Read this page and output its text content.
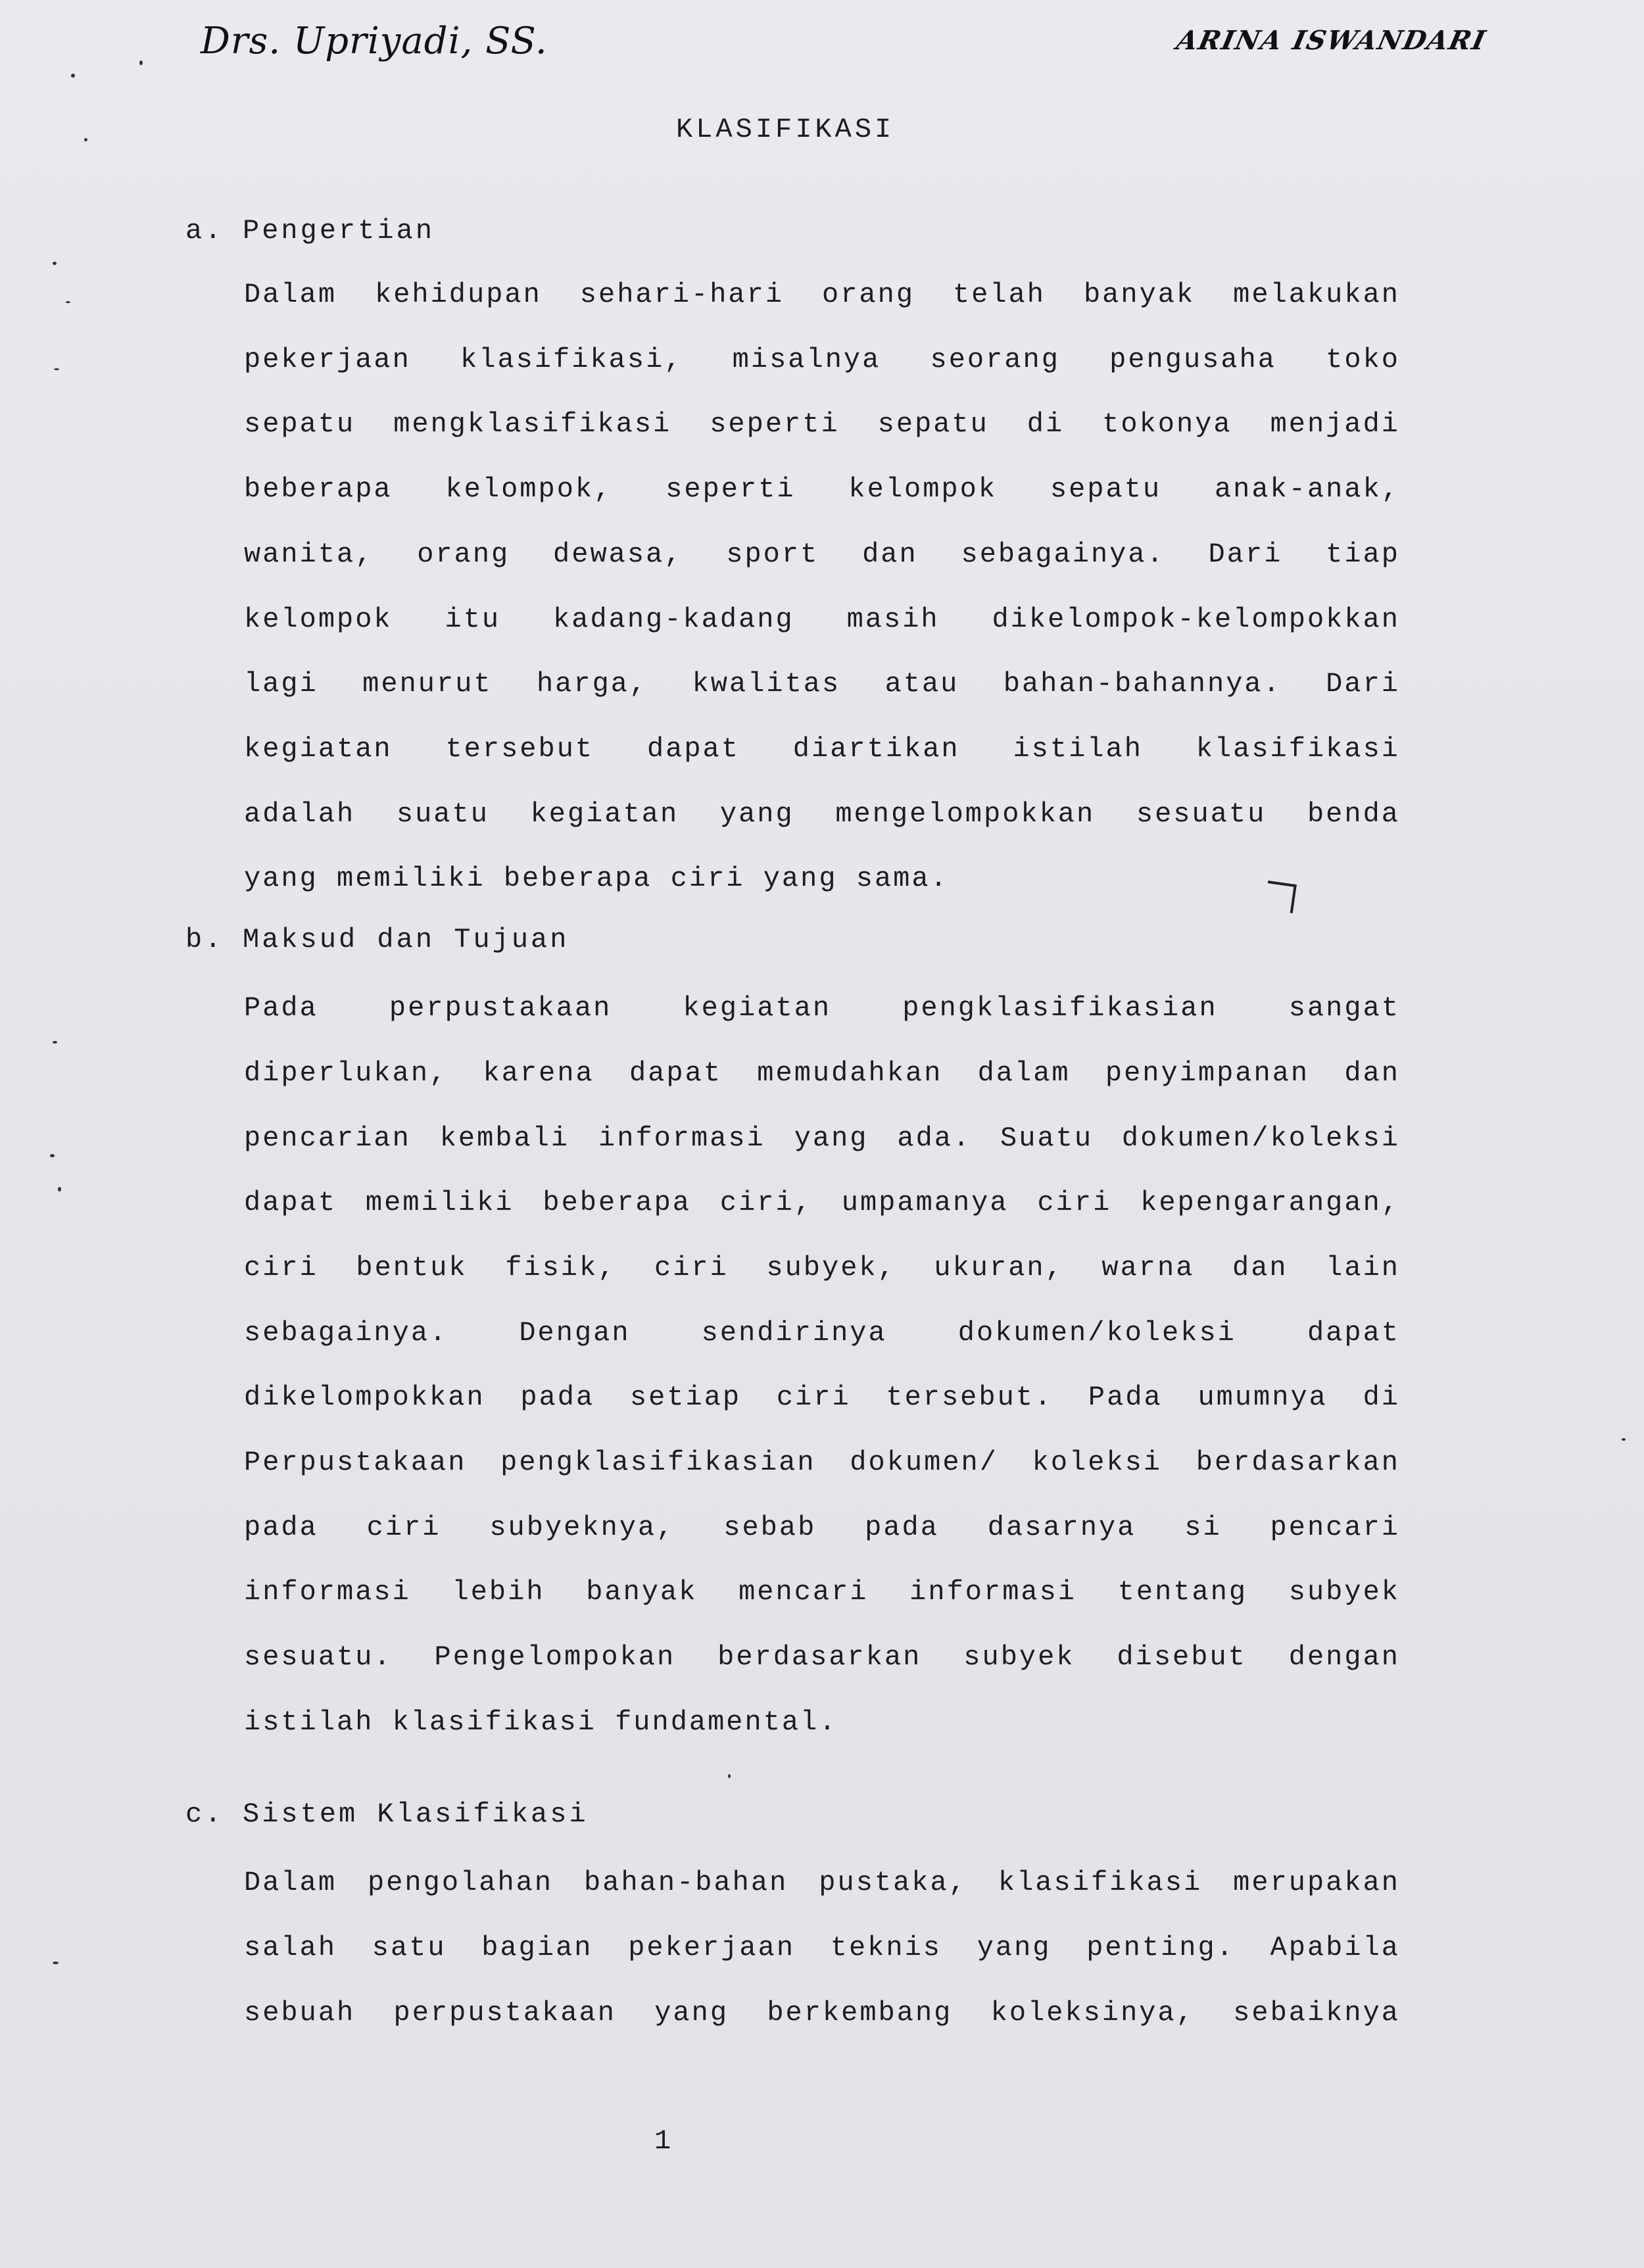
Drs. Upriyadi, SS.	ARINA ISWANDARI
KLASIFIKASI
a. Pengertian
Dalam kehidupan sehari-hari orang telah banyak melakukan
pekerjaan klasifikasi, misalnya seorang pengusaha toko
sepatu mengklasifikasi seperti sepatu di tokonya menjadi
beberapa kelompok, seperti kelompok sepatu anak-anak,
wanita, orang dewasa, sport dan sebagainya. Dari tiap
kelompok itu kadang-kadang masih dikelompok-kelompokkan
lagi menurut harga, kwalitas atau bahan-bahannya. Dari
kegiatan tersebut dapat diartikan istilah klasifikasi
adalah suatu kegiatan yang mengelompokkan sesuatu benda
yang memiliki beberapa ciri yang sama.
b. Maksud dan Tujuan
Pada perpustakaan kegiatan pengklasifikasian sangat
diperlukan, karena dapat memudahkan dalam penyimpanan dan
pencarian kembali informasi yang ada. Suatu dokumen/koleksi
dapat memiliki beberapa ciri, umpamanya ciri kepengarangan,
ciri bentuk fisik, ciri subyek, ukuran, warna dan lain
sebagainya. Dengan sendirinya dokumen/koleksi dapat
dikelompokkan pada setiap ciri tersebut. Pada umumnya di
Perpustakaan pengklasifikasian dokumen/ koleksi berdasarkan
pada ciri subyeknya, sebab pada dasarnya si pencari
informasi lebih banyak mencari informasi tentang subyek
sesuatu. Pengelompokan berdasarkan subyek disebut dengan
istilah klasifikasi fundamental.
c. Sistem Klasifikasi
Dalam pengolahan bahan-bahan pustaka, klasifikasi merupakan
salah satu bagian pekerjaan teknis yang penting. Apabila
sebuah perpustakaan yang berkembang koleksinya, sebaiknya
1
